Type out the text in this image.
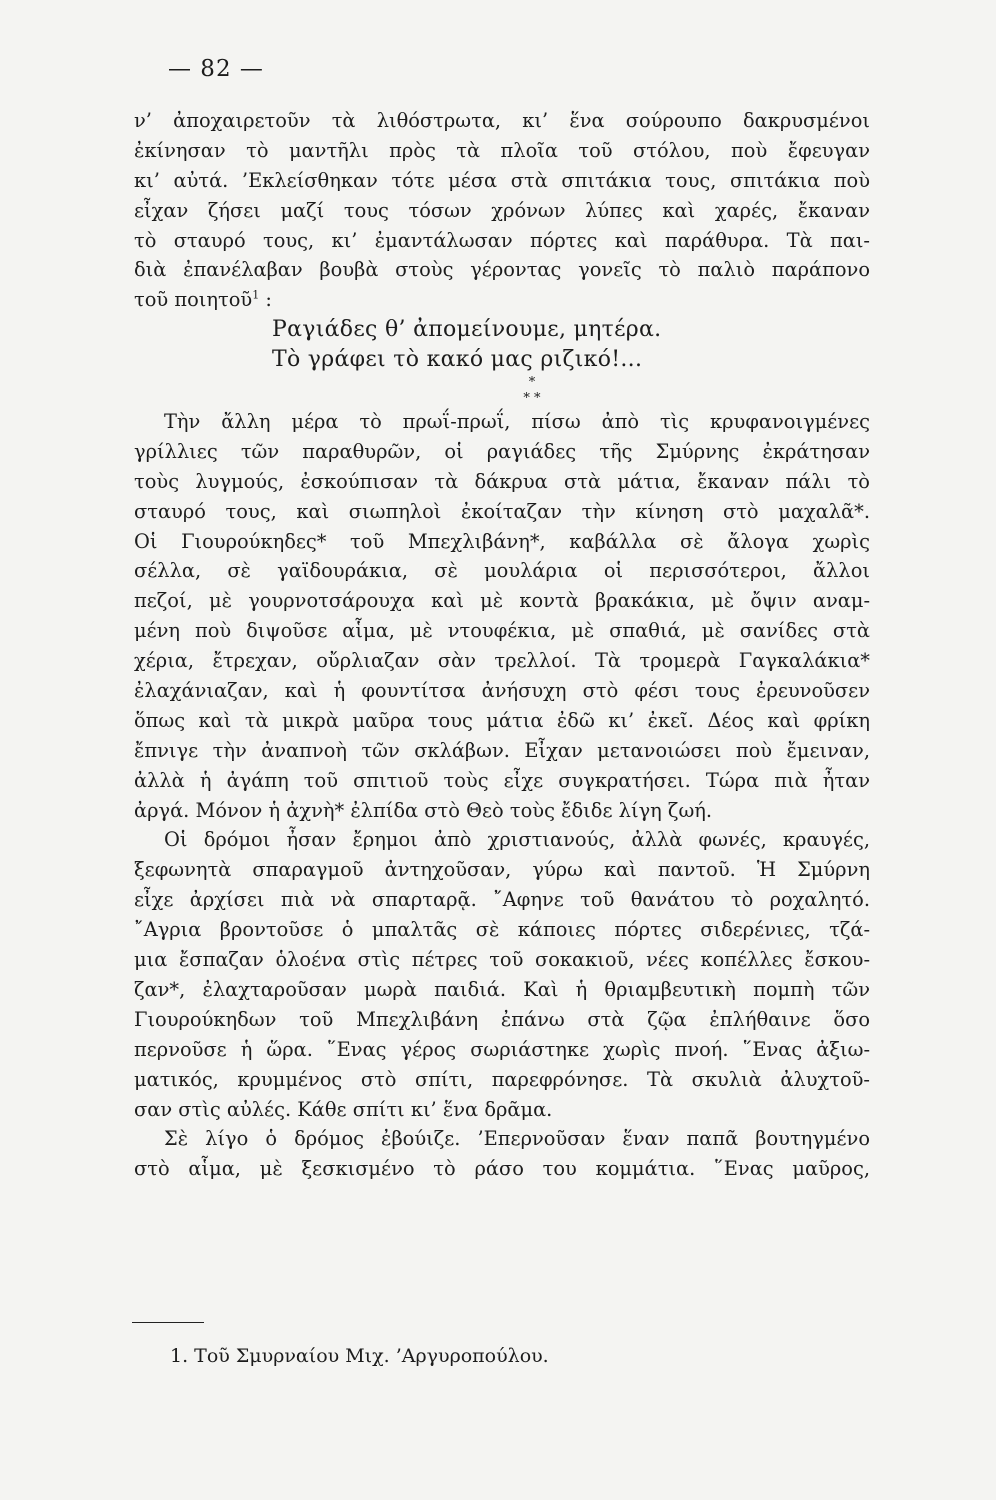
— 82 —
ν’ ἀποχαιρετοῦν τὰ λιθόστρωτα, κι’ ἕνα σούρουπο δακρυσμένοι
ἐκίνησαν τὸ μαντῆλι πρὸς τὰ πλοῖα τοῦ στόλου, ποὺ ἔφευγαν
κι’ αὐτά. ’Εκλείσθηκαν τότε μέσα στὰ σπιτάκια τους, σπιτάκια ποὺ
εἶχαν ζήσει μαζί τους τόσων χρόνων λύπες καὶ χαρές, ἔκαναν
τὸ σταυρό τους, κι’ ἐμαντάλωσαν πόρτες καὶ παράθυρα. Τὰ παι-
διὰ ἐπανέλαβαν βουβὰ στοὺς γέροντας γονεῖς τὸ παλιὸ παράπονο
τοῦ ποιητοῦ$^1$ :
Ραγιάδες θ’ ἀπομείνουμε, μητέρα.
Τὸ γράφει τὸ κακό μας ριζικό!...
*
* *
Τὴν ἄλλη μέρα τὸ πρωΐ-πρωΐ, πίσω ἀπὸ τὶς κρυφανοιγμένες
γρίλλιες τῶν παραθυρῶν, οἱ ραγιάδες τῆς Σμύρνης ἐκράτησαν
τοὺς λυγμούς, ἐσκούπισαν τὰ δάκρυα στὰ μάτια, ἔκαναν πάλι τὸ
σταυρό τους, καὶ σιωπηλοὶ ἐκοίταζαν τὴν κίνηση στὸ μαχαλᾶ*.
Οἱ Γιουρούκηδες* τοῦ Μπεχλιβάνη*, καβάλλα σὲ ἄλογα χωρὶς
σέλλα, σὲ γαϊδουράκια, σὲ μουλάρια οἱ περισσότεροι, ἄλλοι
πεζοί, μὲ γουρνοτσάρουχα καὶ μὲ κοντὰ βρακάκια, μὲ ὄψιν αναμ-
μένη ποὺ διψοῦσε αἷμα, μὲ ντουφέκια, μὲ σπαθιά, μὲ σανίδες στὰ
χέρια, ἔτρεχαν, οὔρλιαζαν σὰν τρελλοί. Τὰ τρομερὰ Γαγκαλάκια*
ἐλαχάνιαζαν, καὶ ἡ φουντίτσα ἀνήσυχη στὸ φέσι τους ἐρευνοῦσεν
ὅπως καὶ τὰ μικρὰ μαῦρα τους μάτια ἐδῶ κι’ ἐκεῖ. Δέος καὶ φρίκη
ἔπνιγε τὴν ἀναπνοὴ τῶν σκλάβων. Εἶχαν μετανοιώσει ποὺ ἔμειναν,
ἀλλὰ ἡ ἀγάπη τοῦ σπιτιοῦ τοὺς εἶχε συγκρατήσει. Τώρα πιὰ ἦταν
ἀργά. Μόνον ἡ ἀχνὴ* ἐλπίδα στὸ Θεὸ τοὺς ἔδιδε λίγη ζωή.
Οἱ δρόμοι ἦσαν ἔρημοι ἀπὸ χριστιανούς, ἀλλὰ φωνές, κραυγές,
ξεφωνητὰ σπαραγμοῦ ἀντηχοῦσαν, γύρω καὶ παντοῦ. Ἡ Σμύρνη
εἶχε ἀρχίσει πιὰ νὰ σπαρταρᾷ. ῎Αφηνε τοῦ θανάτου τὸ ροχαλητό.
῎Αγρια βροντοῦσε ὁ μπαλτᾶς σὲ κάποιες πόρτες σιδερένιες, τζά-
μια ἔσπαζαν ὁλοένα στὶς πέτρες τοῦ σοκακιοῦ, νέες κοπέλλες ἔσκου-
ζαν*, ἐλαχταροῦσαν μωρὰ παιδιά. Καὶ ἡ θριαμβευτικὴ πομπὴ τῶν
Γιουρούκηδων τοῦ Μπεχλιβάνη ἐπάνω στὰ ζῷα ἐπλήθαινε ὅσο
περνοῦσε ἡ ὥρα. ῞Ενας γέρος σωριάστηκε χωρὶς πνοή. ῞Ενας ἀξιω-
ματικός, κρυμμένος στὸ σπίτι, παρεφρόνησε. Τὰ σκυλιὰ ἀλυχτοῦ-
σαν στὶς αὐλές. Κάθε σπίτι κι’ ἕνα δρᾶμα.
Σὲ λίγο ὁ δρόμος ἐβούιζε. ’Επερνοῦσαν ἕναν παπᾶ βουτηγμένο
στὸ αἷμα, μὲ ξεσκισμένο τὸ ράσο του κομμάτια. ῞Ενας μαῦρος,
1. Τοῦ Σμυρναίου Μιχ. ’Αργυροπούλου.
